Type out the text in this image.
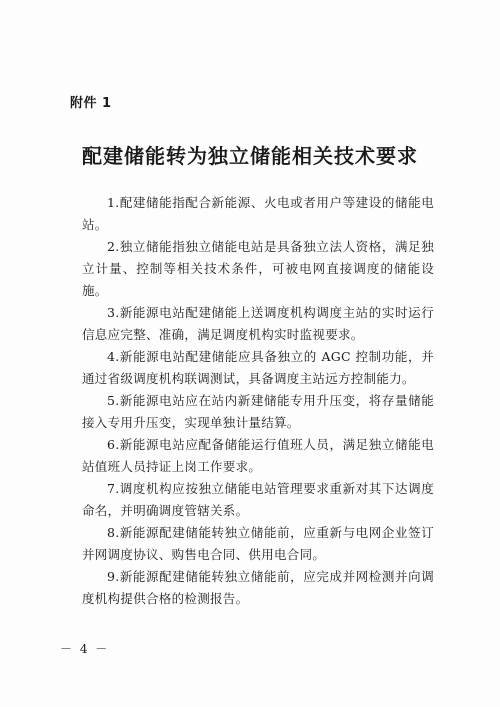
附件 1
配建储能转为独立储能相关技术要求

1.配建储能指配合新能源、火电或者用户等建设的储能电站。

2.独立储能指独立储能电站是具备独立法人资格，满足独立计量、控制等相关技术条件，可被电网直接调度的储能设施。

3.新能源电站配建储能上送调度机构调度主站的实时运行信息应完整、准确，满足调度机构实时监视要求。

4.新能源电站配建储能应具备独立的 AGC 控制功能，并通过省级调度机构联调测试，具备调度主站远方控制能力。

5.新能源电站应在站内新建储能专用升压变，将存量储能接入专用升压变，实现单独计量结算。

6.新能源电站应配备储能运行值班人员，满足独立储能电站值班人员持证上岗工作要求。

7.调度机构应按独立储能电站管理要求重新对其下达调度命名，并明确调度管辖关系。

8.新能源配建储能转独立储能前，应重新与电网企业签订并网调度协议、购售电合同、供用电合同。

9.新能源配建储能转独立储能前，应完成并网检测并向调度机构提供合格的检测报告。

－ 4 －
